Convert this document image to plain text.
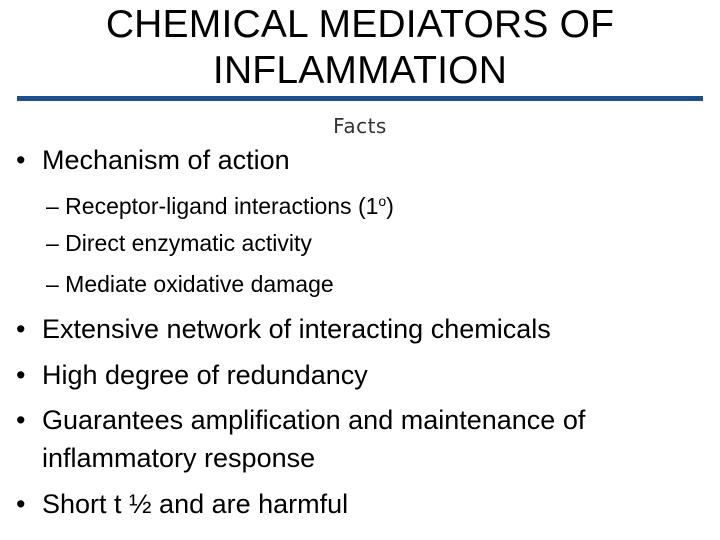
CHEMICAL MEDIATORS OF
INFLAMMATION
Facts
• Mechanism of action
– Receptor-ligand interactions (1$^o$)
– Direct enzymatic activity
– Mediate oxidative damage
• Extensive network of interacting chemicals
• High degree of redundancy
• Guarantees amplification and maintenance of
inflammatory response
• Short t ½ and are harmful
